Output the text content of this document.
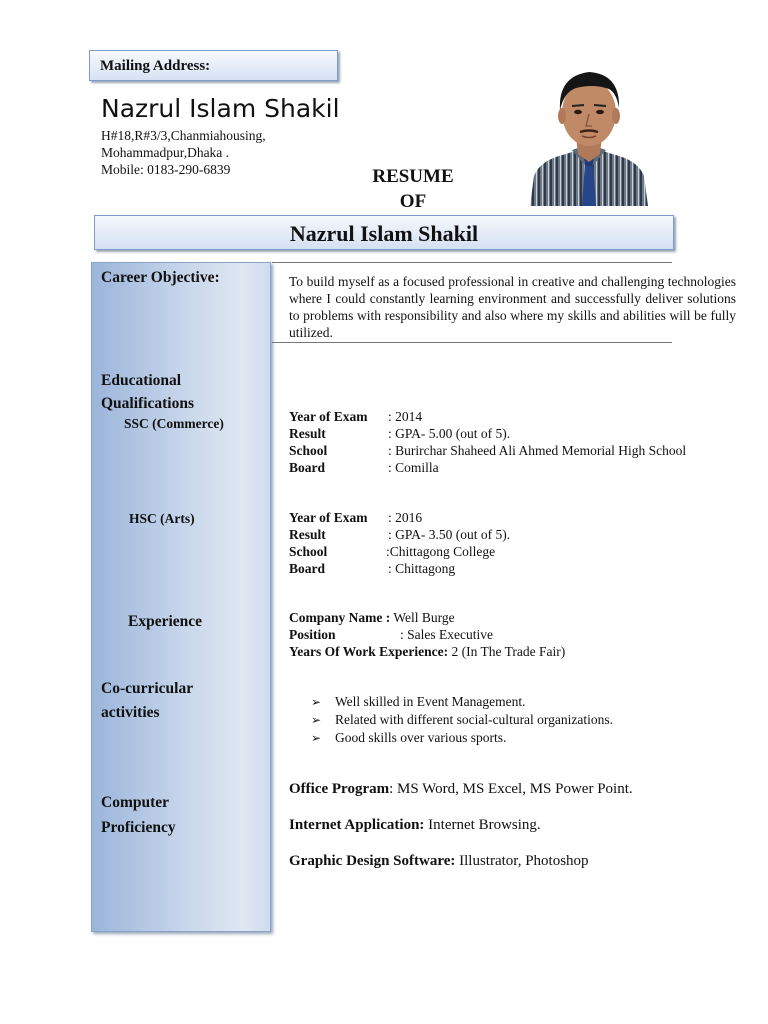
Mailing Address:
Nazrul Islam Shakil
H#18,R#3/3,Chanmiahousing,
Mohammadpur,Dhaka .
Mobile: 0183-290-6839	RESUME
OF
Nazrul Islam Shakil
Career Objective:
Educational
Qualifications
SSC (Commerce)
HSC (Arts)
Experience
Co-curricular
activities
Computer
Proficiency
To build myself as a focused professional in creative and challenging technologies where I could constantly learning environment and successfully deliver solutions to problems with responsibility and also where my skills and abilities will be fully utilized.
Year of Exam : 2014
Result	: GPA- 5.00 (out of 5).
School	: Burirchar Shaheed Ali Ahmed Memorial High School
Board	: Comilla
Year of Exam : 2016
Result	: GPA- 3.50 (out of 5).
School	:Chittagong College
Board	: Chittagong
Company Name : Well Burge
Position	: Sales Executive
Years Of Work Experience: 2 (In The Trade Fair)
➢ Well skilled in Event Management.
➢ Related with different social-cultural organizations.
➢ Good skills over various sports.
Office Program: MS Word, MS Excel, MS Power Point.
Internet Application: Internet Browsing.
Graphic Design Software: Illustrator, Photoshop
